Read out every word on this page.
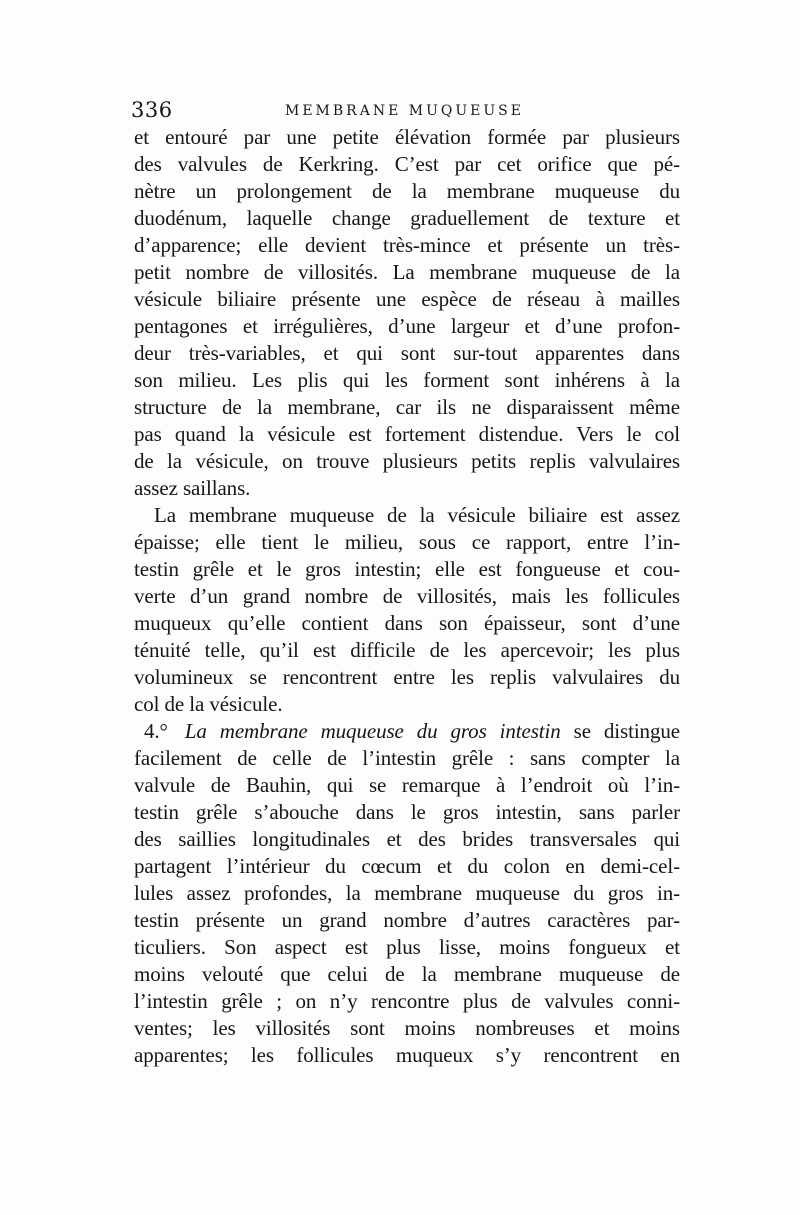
336	MEMBRANE MUQUEUSE
et entouré par une petite élévation formée par plusieurs
des valvules de Kerkring. C’est par cet orifice que pé-
nètre un prolongement de la membrane muqueuse du
duodénum, laquelle change graduellement de texture et
d’apparence; elle devient très-mince et présente un très-
petit nombre de villosités. La membrane muqueuse de la
vésicule biliaire présente une espèce de réseau à mailles
pentagones et irrégulières, d’une largeur et d’une profon-
deur très-variables, et qui sont sur-tout apparentes dans
son milieu. Les plis qui les forment sont inhérens à la
structure de la membrane, car ils ne disparaissent même
pas quand la vésicule est fortement distendue. Vers le col
de la vésicule, on trouve plusieurs petits replis valvulaires
assez saillans.
La membrane muqueuse de la vésicule biliaire est assez
épaisse; elle tient le milieu, sous ce rapport, entre l’in-
testin grêle et le gros intestin; elle est fongueuse et cou-
verte d’un grand nombre de villosités, mais les follicules
muqueux qu’elle contient dans son épaisseur, sont d’une
ténuité telle, qu’il est difficile de les apercevoir; les plus
volumineux se rencontrent entre les replis valvulaires du
col de la vésicule.
4.° La membrane muqueuse du gros intestin se distingue
facilement de celle de l’intestin grêle : sans compter la
valvule de Bauhin, qui se remarque à l’endroit où l’in-
testin grêle s’abouche dans le gros intestin, sans parler
des saillies longitudinales et des brides transversales qui
partagent l’intérieur du cœcum et du colon en demi-cel-
lules assez profondes, la membrane muqueuse du gros in-
testin présente un grand nombre d’autres caractères par-
ticuliers. Son aspect est plus lisse, moins fongueux et
moins velouté que celui de la membrane muqueuse de
l’intestin grêle ; on n’y rencontre plus de valvules conni-
ventes; les villosités sont moins nombreuses et moins
apparentes; les follicules muqueux s’y rencontrent en
